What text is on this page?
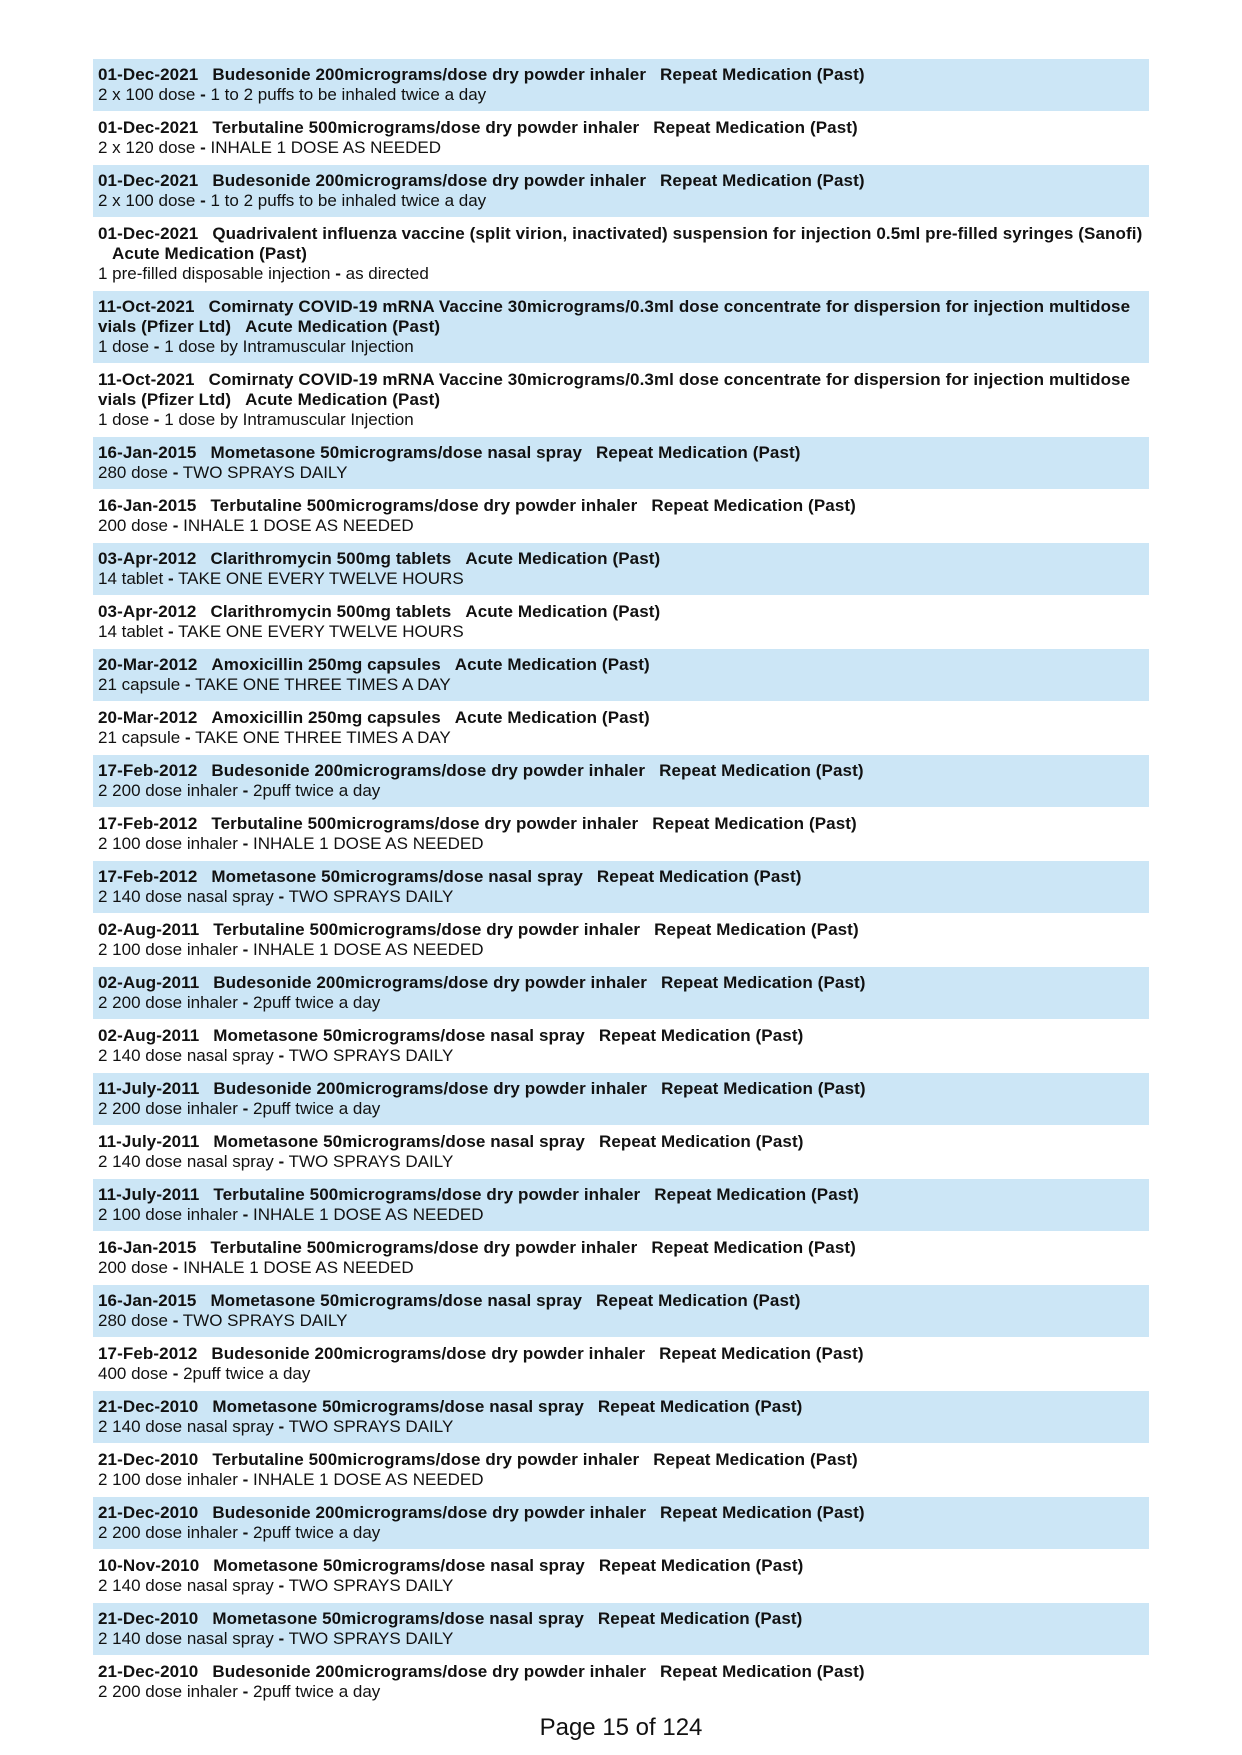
01-Dec-2021 Budesonide 200micrograms/dose dry powder inhaler Repeat Medication (Past)
2 x 100 dose - 1 to 2 puffs to be inhaled twice a day
01-Dec-2021 Terbutaline 500micrograms/dose dry powder inhaler Repeat Medication (Past)
2 x 120 dose - INHALE 1 DOSE AS NEEDED
01-Dec-2021 Budesonide 200micrograms/dose dry powder inhaler Repeat Medication (Past)
2 x 100 dose - 1 to 2 puffs to be inhaled twice a day
01-Dec-2021 Quadrivalent influenza vaccine (split virion, inactivated) suspension for injection 0.5ml pre-filled syringes (Sanofi)Acute Medication (Past)
1 pre-filled disposable injection - as directed
11-Oct-2021 Comirnaty COVID-19 mRNA Vaccine 30micrograms/0.3ml dose concentrate for dispersion for injection multidose vials (Pfizer Ltd) Acute Medication (Past)
1 dose - 1 dose by Intramuscular Injection
11-Oct-2021 Comirnaty COVID-19 mRNA Vaccine 30micrograms/0.3ml dose concentrate for dispersion for injection multidose vials (Pfizer Ltd) Acute Medication (Past)
1 dose - 1 dose by Intramuscular Injection
16-Jan-2015 Mometasone 50micrograms/dose nasal spray Repeat Medication (Past)
280 dose - TWO SPRAYS DAILY
16-Jan-2015 Terbutaline 500micrograms/dose dry powder inhaler Repeat Medication (Past)
200 dose - INHALE 1 DOSE AS NEEDED
03-Apr-2012 Clarithromycin 500mg tablets Acute Medication (Past)
14 tablet - TAKE ONE EVERY TWELVE HOURS
03-Apr-2012 Clarithromycin 500mg tablets Acute Medication (Past)
14 tablet - TAKE ONE EVERY TWELVE HOURS
20-Mar-2012 Amoxicillin 250mg capsules Acute Medication (Past)
21 capsule - TAKE ONE THREE TIMES A DAY
20-Mar-2012 Amoxicillin 250mg capsules Acute Medication (Past)
21 capsule - TAKE ONE THREE TIMES A DAY
17-Feb-2012 Budesonide 200micrograms/dose dry powder inhaler Repeat Medication (Past)
2 200 dose inhaler - 2puff twice a day
17-Feb-2012 Terbutaline 500micrograms/dose dry powder inhaler Repeat Medication (Past)
2 100 dose inhaler - INHALE 1 DOSE AS NEEDED
17-Feb-2012 Mometasone 50micrograms/dose nasal spray Repeat Medication (Past)
2 140 dose nasal spray - TWO SPRAYS DAILY
02-Aug-2011 Terbutaline 500micrograms/dose dry powder inhaler Repeat Medication (Past)
2 100 dose inhaler - INHALE 1 DOSE AS NEEDED
02-Aug-2011 Budesonide 200micrograms/dose dry powder inhaler Repeat Medication (Past)
2 200 dose inhaler - 2puff twice a day
02-Aug-2011 Mometasone 50micrograms/dose nasal spray Repeat Medication (Past)
2 140 dose nasal spray - TWO SPRAYS DAILY
11-July-2011 Budesonide 200micrograms/dose dry powder inhaler Repeat Medication (Past)
2 200 dose inhaler - 2puff twice a day
11-July-2011 Mometasone 50micrograms/dose nasal spray Repeat Medication (Past)
2 140 dose nasal spray - TWO SPRAYS DAILY
11-July-2011 Terbutaline 500micrograms/dose dry powder inhaler Repeat Medication (Past)
2 100 dose inhaler - INHALE 1 DOSE AS NEEDED
16-Jan-2015 Terbutaline 500micrograms/dose dry powder inhaler Repeat Medication (Past)
200 dose - INHALE 1 DOSE AS NEEDED
16-Jan-2015 Mometasone 50micrograms/dose nasal spray Repeat Medication (Past)
280 dose - TWO SPRAYS DAILY
17-Feb-2012 Budesonide 200micrograms/dose dry powder inhaler Repeat Medication (Past)
400 dose - 2puff twice a day
21-Dec-2010 Mometasone 50micrograms/dose nasal spray Repeat Medication (Past)
2 140 dose nasal spray - TWO SPRAYS DAILY
21-Dec-2010 Terbutaline 500micrograms/dose dry powder inhaler Repeat Medication (Past)
2 100 dose inhaler - INHALE 1 DOSE AS NEEDED
21-Dec-2010 Budesonide 200micrograms/dose dry powder inhaler Repeat Medication (Past)
2 200 dose inhaler - 2puff twice a day
10-Nov-2010 Mometasone 50micrograms/dose nasal spray Repeat Medication (Past)
2 140 dose nasal spray - TWO SPRAYS DAILY
21-Dec-2010 Mometasone 50micrograms/dose nasal spray Repeat Medication (Past)
2 140 dose nasal spray - TWO SPRAYS DAILY
21-Dec-2010 Budesonide 200micrograms/dose dry powder inhaler Repeat Medication (Past)
2 200 dose inhaler - 2puff twice a day
Page 15 of 124
